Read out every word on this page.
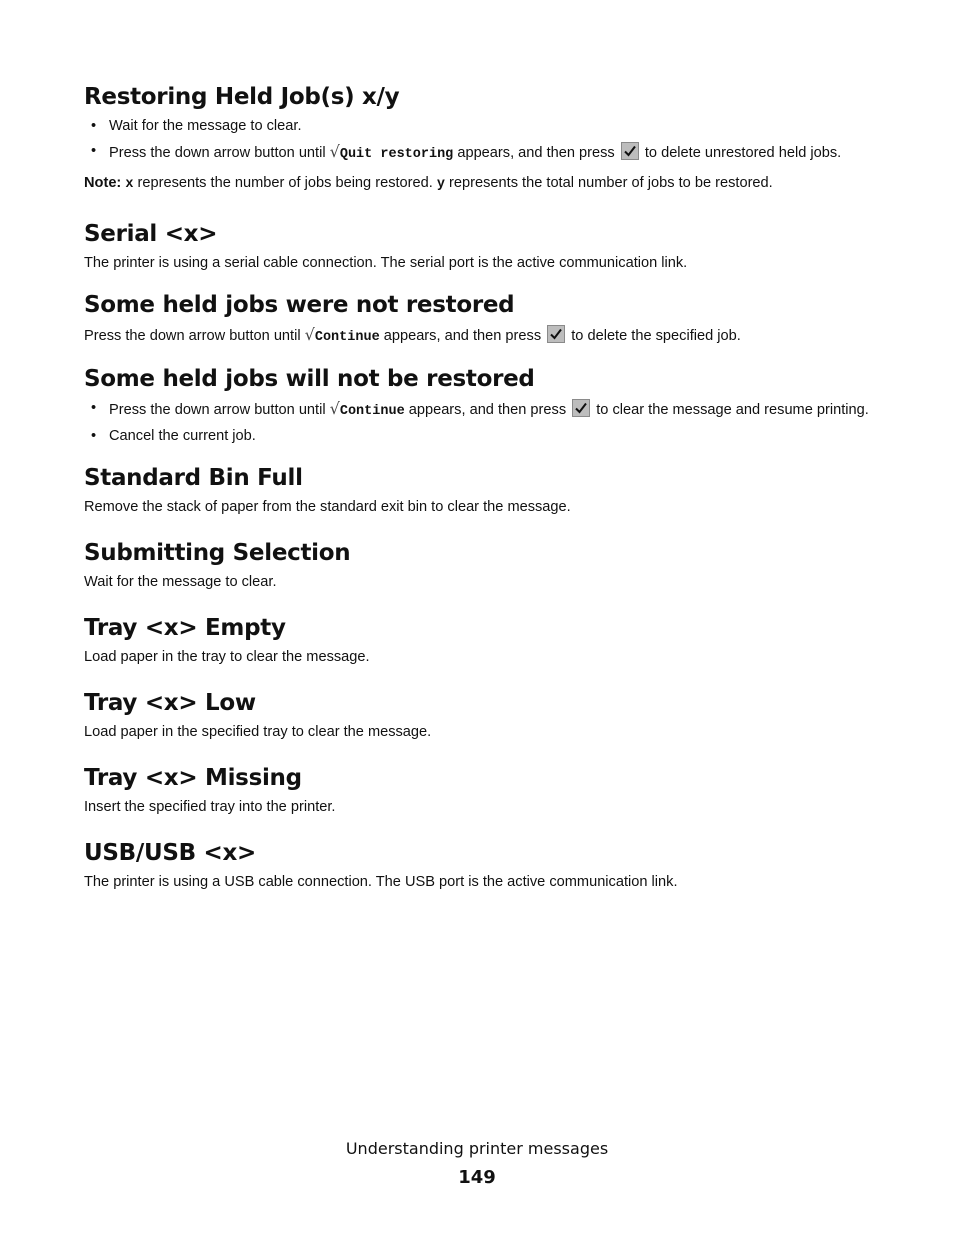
Restoring Held Job(s) x/y
• Wait for the message to clear.
• Press the down arrow button until √Quit restoring appears, and then press
to delete unrestored held jobs.

Note: x represents the number of jobs being restored. y represents the total number of jobs to be restored.

Serial <x>

The printer is using a serial cable connection. The serial port is the active communication link.

Some held jobs were not restored

Press the down arrow button until √Continue appears, and then press
to delete the specified job.

Some held jobs will not be restored
• Press the down arrow button until √Continue appears, and then press
to clear the message and resume printing.
• Cancel the current job.
Standard Bin Full

Remove the stack of paper from the standard exit bin to clear the message.

Submitting Selection

Wait for the message to clear.

Tray <x> Empty

Load paper in the tray to clear the message.

Tray <x> Low

Load paper in the specified tray to clear the message.

Tray <x> Missing

Insert the specified tray into the printer.

USB/USB <x>

The printer is using a USB cable connection. The USB port is the active communication link.

Understanding printer messages
149
